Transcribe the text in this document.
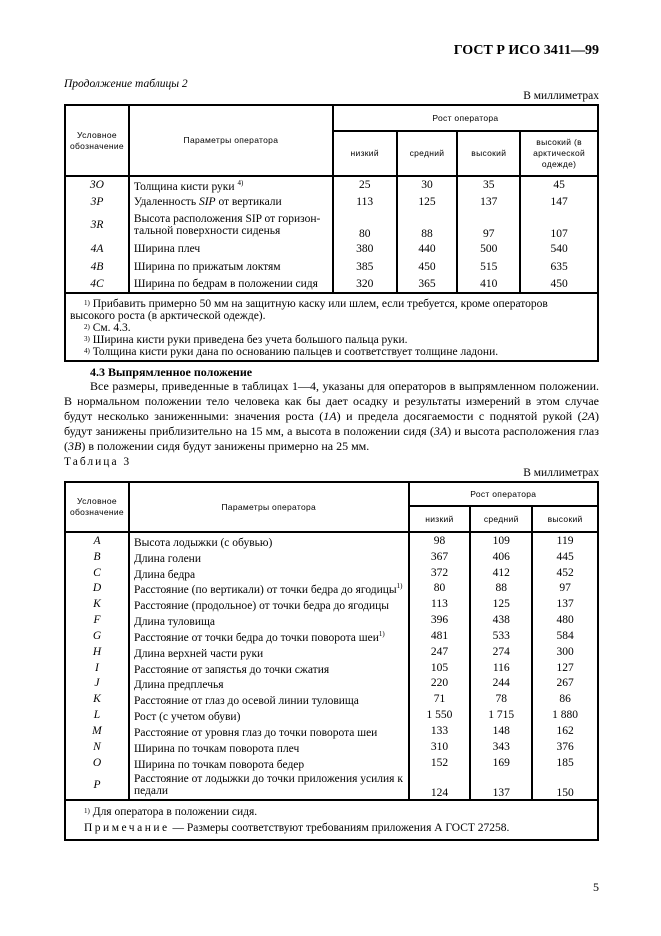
ГОСТ Р ИСО 3411—99
Продолжение таблицы 2
В миллиметрах
Условное обозначение	Параметры оператора	Рост оператора			
		низкий	средний	высокий	высокий (в арктической одежде)
3O	Толщина кисти руки $^{4)}$	25	30	35	45
3P	Удаленность SIP от вертикали	113	125	137	147
3R	Высота расположения SIP от горизон-
тальной поверхности сиденья	80	88	97	107
4A	Ширина плеч	380	440	500	540
4B	Ширина по прижатым локтям	385	450	515	635
4C	Ширина по бедрам в положении сидя	320	365	410	450

$^{1)}$ Прибавить примерно 50 мм на защитную каску или шлем, если требуется, кроме операторов высокого роста (в арктической одежде).

$^{2)}$ См. 4.3.

$^{3)}$ Ширина кисти руки приведена без учета большого пальца руки.

$^{4)}$ Толщина кисти руки дана по основанию пальцев и соответствует толщине ладони.					

4.3 Выпрямленное положение
Все размеры, приведенные в таблицах 1—4, указаны для операторов в выпрямленном положении. В нормальном положении тело человека как бы дает осадку и результаты измерений в этом случае будут несколько заниженными: значения роста (1A) и предела досягаемости с поднятой рукой (2A) будут занижены приблизительно на 15 мм, а высота в положении сидя (3A) и высота расположения глаз (3B) в положении сидя будут занижены примерно на 25 мм.
Таблица 3
В миллиметрах
Условное обозначение	Параметры оператора	Рост оператора		
		низкий	средний	высокий
A	Высота лодыжки (с обувью)	98	109	119
B	Длина голени	367	406	445
C	Длина бедра	372	412	452
D	Расстояние (по вертикали) от точки бедра до ягодицы$^{1)}$	80	88	97
K	Расстояние (продольное) от точки бедра до ягодицы	113	125	137
F	Длина туловища	396	438	480
G	Расстояние от точки бедра до точки поворота шеи$^{1)}$	481	533	584
H	Длина верхней части руки	247	274	300
I	Расстояние от запястья до точки сжатия	105	116	127
J	Длина предплечья	220	244	267
K	Расстояние от глаз до осевой линии туловища	71	78	86
L	Рост (с учетом обуви)	1 550	1 715	1 880
M	Расстояние от уровня глаз до точки поворота шеи	133	148	162
N	Ширина по точкам поворота плеч	310	343	376
O	Ширина по точкам поворота бедер	152	169	185
P	Расстояние от лодыжки до точки приложения усилия к
педали	124	137	150

$^{1)}$ Для оператора в положении сидя.

Примечание — Размеры соответствуют требованиям приложения А ГОСТ 27258.				

5
